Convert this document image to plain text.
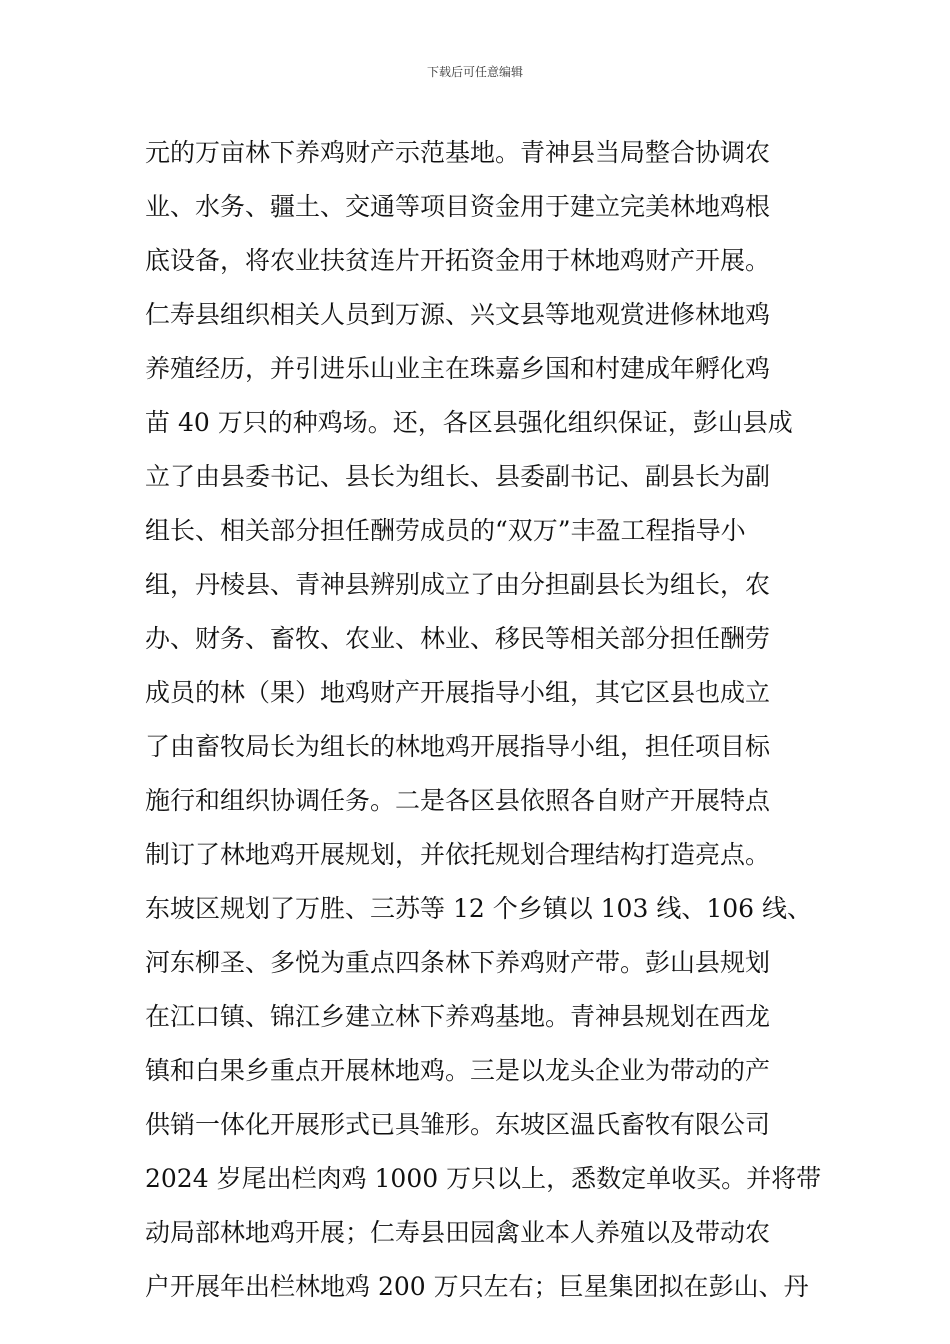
下载后可任意编辑
元的万亩林下养鸡财产示范基地。青神县当局整合协调农
业、水务、疆土、交通等项目资金用于建立完美林地鸡根
底设备，将农业扶贫连片开拓资金用于林地鸡财产开展。
仁寿县组织相关人员到万源、兴文县等地观赏进修林地鸡
养殖经历，并引进乐山业主在珠嘉乡国和村建成年孵化鸡
苗 40 万只的种鸡场。还，各区县强化组织保证，彭山县成
立了由县委书记、县长为组长、县委副书记、副县长为副
组长、相关部分担任酬劳成员的“双万”丰盈工程指导小
组，丹棱县、青神县辨别成立了由分担副县长为组长，农
办、财务、畜牧、农业、林业、移民等相关部分担任酬劳
成员的林（果）地鸡财产开展指导小组，其它区县也成立
了由畜牧局长为组长的林地鸡开展指导小组，担任项目标
施行和组织协调任务。二是各区县依照各自财产开展特点
制订了林地鸡开展规划，并依托规划合理结构打造亮点。
东坡区规划了万胜、三苏等 12 个乡镇以 103 线、106 线、
河东柳圣、多悦为重点四条林下养鸡财产带。彭山县规划
在江口镇、锦江乡建立林下养鸡基地。青神县规划在西龙
镇和白果乡重点开展林地鸡。三是以龙头企业为带动的产
供销一体化开展形式已具雏形。东坡区温氏畜牧有限公司
2024 岁尾出栏肉鸡 1000 万只以上，悉数定单收买。并将带
动局部林地鸡开展；仁寿县田园禽业本人养殖以及带动农
户开展年出栏林地鸡 200 万只左右；巨星集团拟在彭山、丹
